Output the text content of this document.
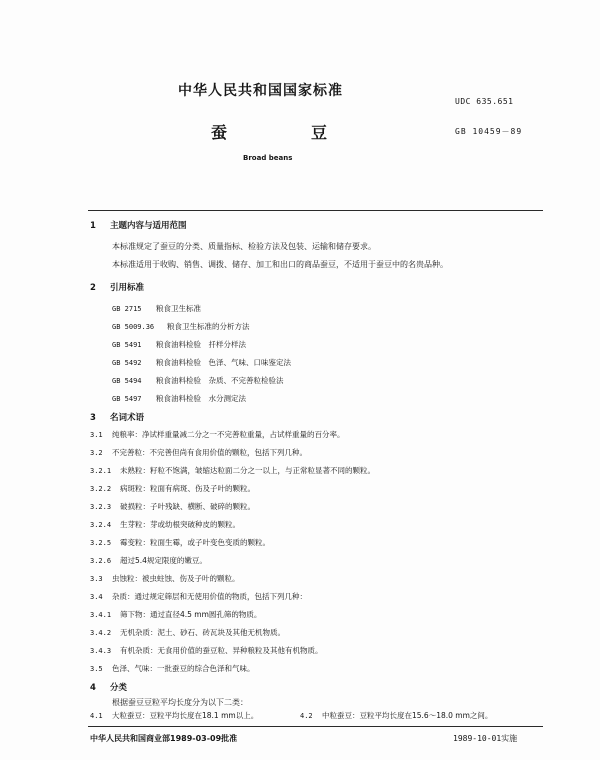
中华人民共和国国家标准
UDC 635.651
蚕	豆	GB 10459－89
Broad beans
1 主题内容与适用范围
本标准规定了蚕豆的分类、质量指标、检验方法及包装、运输和储存要求。
本标准适用于收购、销售、调拨、储存、加工和出口的商品蚕豆，不适用于蚕豆中的名贵品种。
2 引用标准
GB 2715 粮食卫生标准
GB 5009.36 粮食卫生标准的分析方法
GB 5491 粮食油料检验　扦样分样法
GB 5492 粮食油料检验　色泽、气味、口味鉴定法
GB 5494 粮食油料检验　杂质、不完善粒检验法
GB 5497 粮食油料检验　水分测定法
3 名词术语
3.1 纯粮率：净试样重量减二分之一不完善粒重量，占试样重量的百分率。
3.2 不完善粒：不完善但尚有食用价值的颗粒，包括下列几种。
3.2.1 未熟粒：籽粒不饱满，皱缩达粒面二分之一以上，与正常粒显著不同的颗粒。
3.2.2 病斑粒：粒面有病斑、伤及子叶的颗粒。
3.2.3 破损粒：子叶残缺、横断、破碎的颗粒。
3.2.4 生芽粒：芽或幼根突破种皮的颗粒。
3.2.5 霉变粒：粒面生霉，或子叶变色变质的颗粒。
3.2.6 超过5.4规定限度的嫩豆。
3.3 虫蚀粒：被虫蛀蚀、伤及子叶的颗粒。
3.4 杂质：通过规定筛层和无使用价值的物质，包括下列几种：
3.4.1 筛下物：通过直径4.5 mm圆孔筛的物质。
3.4.2 无机杂质：泥土、砂石、砖瓦块及其他无机物质。
3.4.3 有机杂质：无食用价值的蚕豆粒、异种粮粒及其他有机物质。
3.5 色泽、气味：一批蚕豆的综合色泽和气味。
4 分类
根据蚕豆豆粒平均长度分为以下二类：
4.1 大粒蚕豆：豆粒平均长度在18.1 mm以上。	4.2 中粒蚕豆：豆粒平均长度在15.6～18.0 mm之间。
中华人民共和国商业部1989-03-09批准	1989-10-01实施
